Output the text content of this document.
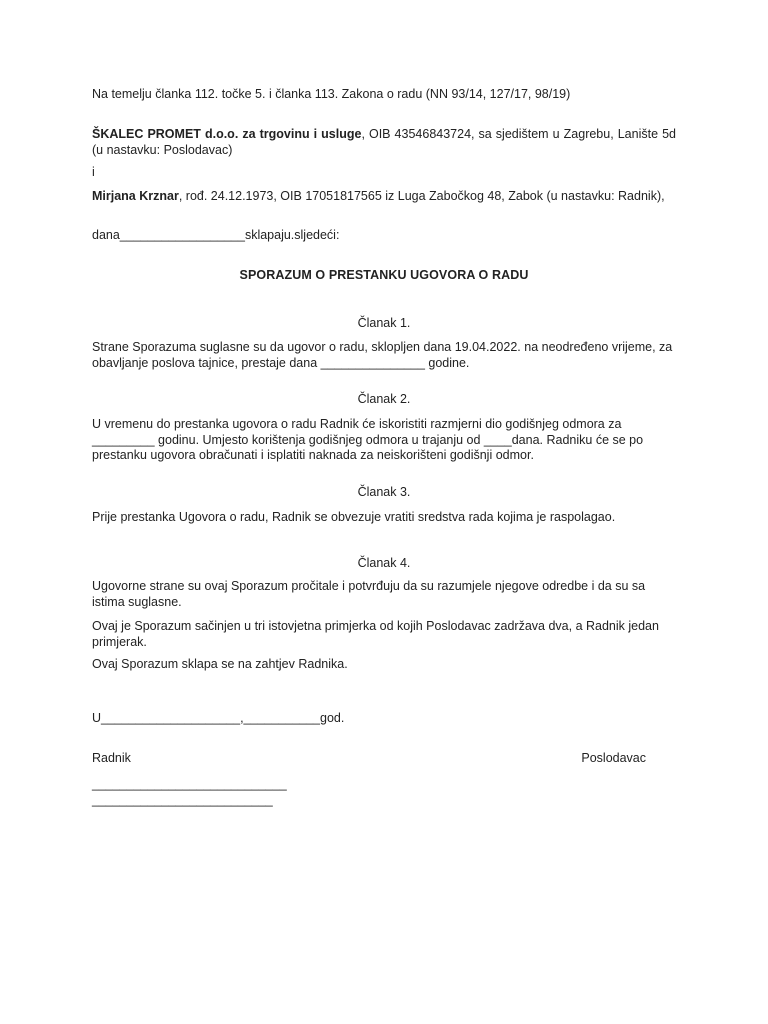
Na temelju članka 112. točke 5. i članka 113. Zakona o radu (NN 93/14, 127/17, 98/19)
ŠKALEC PROMET d.o.o. za trgovinu i usluge, OIB 43546843724, sa sjedištem u Zagrebu, Lanište 5d (u nastavku: Poslodavac)
i
Mirjana Krznar, rođ. 24.12.1973, OIB 17051817565 iz Luga Zabočkog 48, Zabok (u nastavku: Radnik),
dana__________________sklapaju.sljedeći:
SPORAZUM O PRESTANKU UGOVORA O RADU
Članak 1.
Strane Sporazuma suglasne su da ugovor o radu, sklopljen dana 19.04.2022. na neodređeno vrijeme, za obavljanje poslova tajnice, prestaje dana _______________ godine.
Članak 2.
U vremenu do prestanka ugovora o radu Radnik će iskoristiti razmjerni dio godišnjeg odmora za _________ godinu. Umjesto korištenja godišnjeg odmora u trajanju od ____dana. Radniku će se po prestanku ugovora obračunati i isplatiti naknada za neiskorišteni godišnji odmor.
Članak 3.
Prije prestanka Ugovora o radu, Radnik se obvezuje vratiti sredstva rada kojima je raspolagao.
Članak 4.
Ugovorne strane su ovaj Sporazum pročitale i potvrđuju da su razumjele njegove odredbe i da su sa istima suglasne.
Ovaj je Sporazum sačinjen u tri istovjetna primjerka od kojih Poslodavac zadržava dva, a Radnik jedan primjerak.
Ovaj Sporazum sklapa se na zahtjev Radnika.
U____________________,___________god.
Radnik	Poslodavac
____________________________
__________________________
